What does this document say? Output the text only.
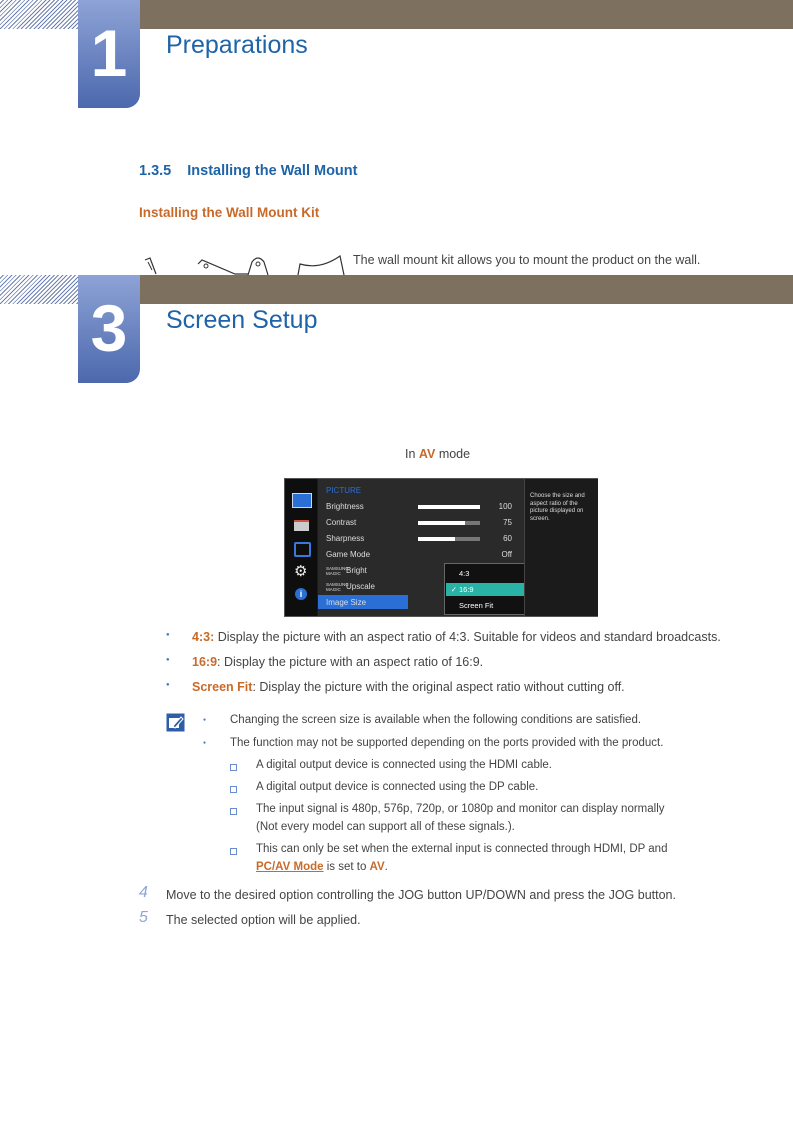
1	Preparations
1.3.5 Installing the Wall Mount
Installing the Wall Mount Kit
The wall mount kit allows you to mount the product on the wall.
3	Screen Setup
In AV mode
⚙
i
PICTURE
Brightness	100
Contrast	75
Sharpness	60
Game Mode	Off
SAMSUNG MAGIC Bright
SAMSUNG MAGIC Upscale
Image Size
4:3
✓ 16:9
Screen Fit
Choose the size and aspect ratio of the picture displayed on screen.
● 4:3: Display the picture with an aspect ratio of 4:3. Suitable for videos and standard broadcasts.
● 16:9: Display the picture with an aspect ratio of 16:9.
● Screen Fit: Display the picture with the original aspect ratio without cutting off.
● Changing the screen size is available when the following conditions are satisfied.
● The function may not be supported depending on the ports provided with the product.
A digital output device is connected using the HDMI cable.
A digital output device is connected using the DP cable.
The input signal is 480p, 576p, 720p, or 1080p and monitor can display normally
(Not every model can support all of these signals.).
This can only be set when the external input is connected through HDMI, DP and
PC/AV Mode is set to AV.
4 Move to the desired option controlling the JOG button UP/DOWN and press the JOG button.
5 The selected option will be applied.
